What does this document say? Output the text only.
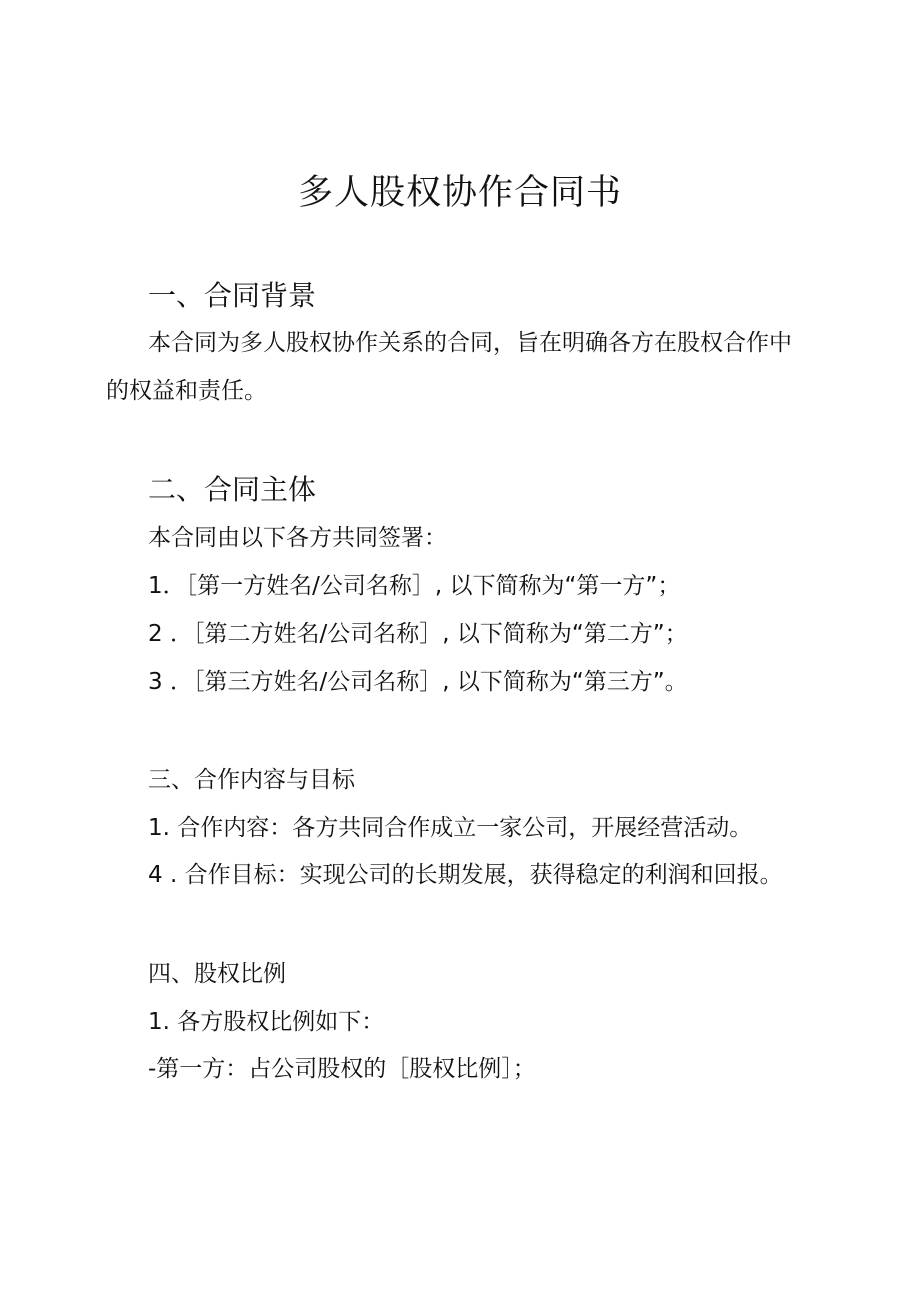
多人股权协作合同书
一、合同背景

本合同为多人股权协作关系的合同，旨在明确各方在股权合作中

的权益和责任。

二、合同主体

本合同由以下各方共同签署：

1．［第一方姓名/公司名称］, 以下简称为“第一方”；

2 ．［第二方姓名/公司名称］, 以下简称为“第二方”；

3 ．［第三方姓名/公司名称］, 以下简称为“第三方”。

三、合作内容与目标

1. 合作内容：各方共同合作成立一家公司，开展经营活动。

4 . 合作目标：实现公司的长期发展，获得稳定的利润和回报。

四、股权比例

1. 各方股权比例如下：

-第一方：占公司股权的［股权比例］；
